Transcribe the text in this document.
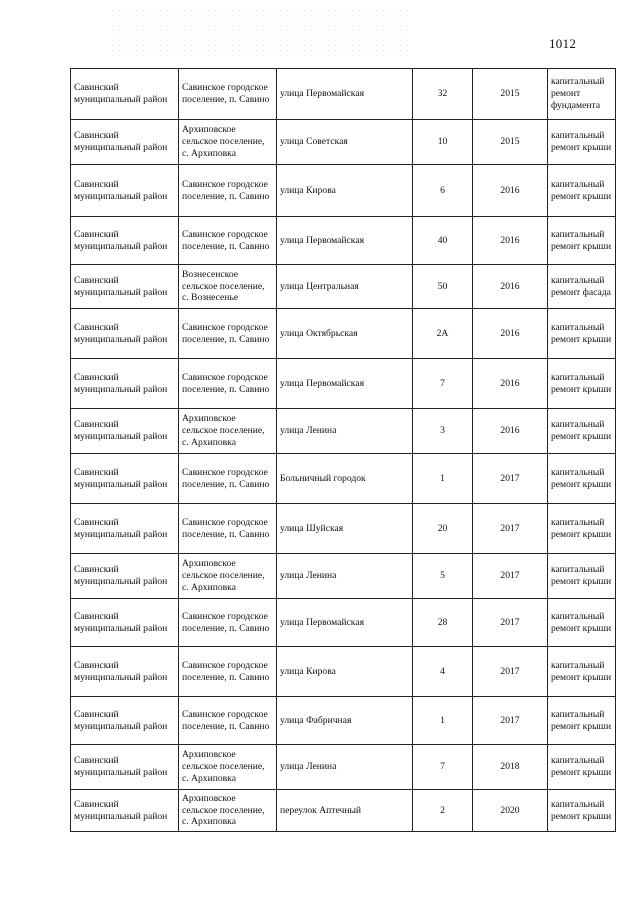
1012
Савинский муниципальный район	Савинское городское поселение, п. Савино	улица Первомайская	32	2015	капитальный ремонт фундамента
Савинский муниципальный район	Архиповское сельское поселение, с. Архиповка	улица Советская	10	2015	капитальный ремонт крыши
Савинский муниципальный район	Савинское городское поселение, п. Савино	улица Кирова	6	2016	капитальный ремонт крыши
Савинский муниципальный район	Савинское городское поселение, п. Савино	улица Первомайская	40	2016	капитальный ремонт крыши
Савинский муниципальный район	Вознесенское сельское поселение, с. Вознесенье	улица Центральная	50	2016	капитальный ремонт фасада
Савинский муниципальный район	Савинское городское поселение, п. Савино	улица Октябрьская	2А	2016	капитальный ремонт крыши
Савинский муниципальный район	Савинское городское поселение, п. Савино	улица Первомайская	7	2016	капитальный ремонт крыши
Савинский муниципальный район	Архиповское сельское поселение, с. Архиповка	улица Ленина	3	2016	капитальный ремонт крыши
Савинский муниципальный район	Савинское городское поселение, п. Савино	Больничный городок	1	2017	капитальный ремонт крыши
Савинский муниципальный район	Савинское городское поселение, п. Савино	улица Шуйская	20	2017	капитальный ремонт крыши
Савинский муниципальный район	Архиповское сельское поселение, с. Архиповка	улица Ленина	5	2017	капитальный ремонт крыши
Савинский муниципальный район	Савинское городское поселение, п. Савино	улица Первомайская	28	2017	капитальный ремонт крыши
Савинский муниципальный район	Савинское городское поселение, п. Савино	улица Кирова	4	2017	капитальный ремонт крыши
Савинский муниципальный район	Савинское городское поселение, п. Савино	улица Фабричная	1	2017	капитальный ремонт крыши
Савинский муниципальный район	Архиповское сельское поселение, с. Архиповка	улица Ленина	7	2018	капитальный ремонт крыши
Савинский муниципальный район	Архиповское сельское поселение, с. Архиповка	переулок Аптечный	2	2020	капитальный ремонт крыши
